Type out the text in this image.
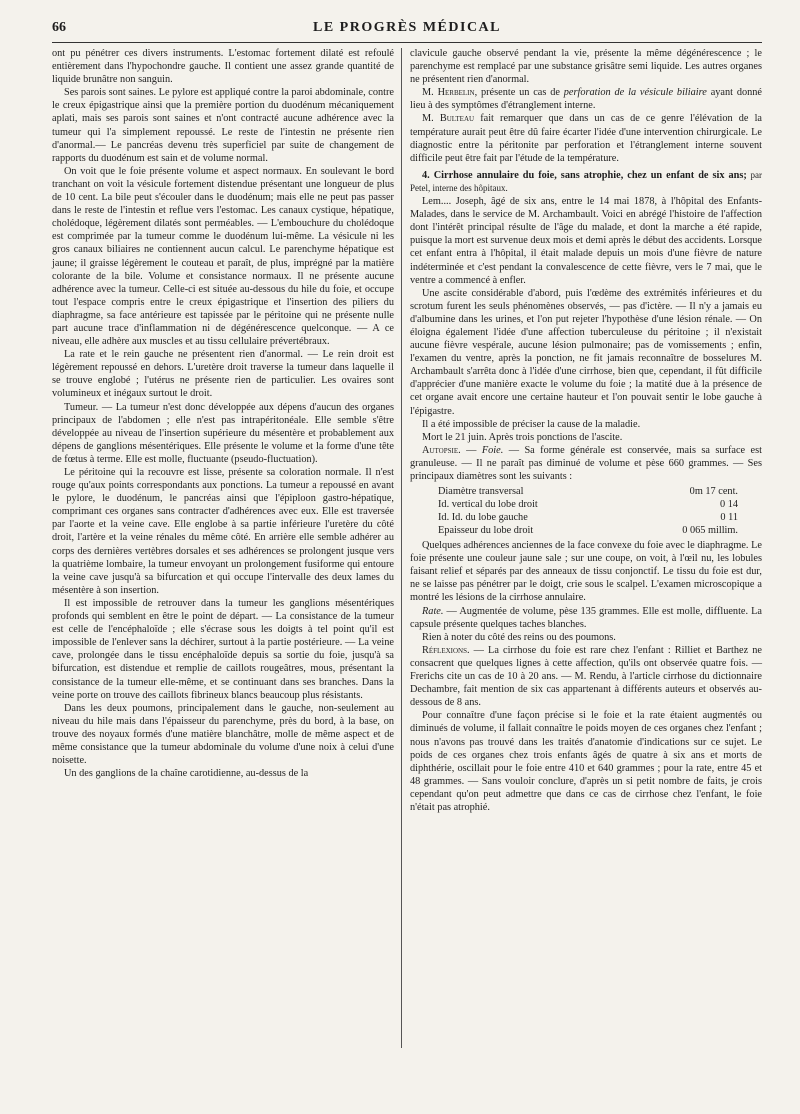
66	LE PROGRÈS MÉDICAL

ont pu pénétrer ces divers instruments. L'estomac fortement dilaté est refoulé entièrement dans l'hypochondre gauche. Il contient une assez grande quantité de liquide brunâtre non sanguin.

Ses parois sont saines. Le pylore est appliqué contre la paroi abdominale, contre le creux épigastrique ainsi que la première portion du duodénum mécaniquement aplati, mais ses parois sont saines et n'ont contracté aucune adhérence avec la tumeur qui l'a simplement repoussé. Le reste de l'intestin ne présente rien d'anormal.— Le pancréas devenu très superficiel par suite de changement de rapports du duodénum est sain et de volume normal.

On voit que le foie présente volume et aspect normaux. En soulevant le bord tranchant on voit la vésicule fortement distendue présentant une longueur de plus de 10 cent. La bile peut s'écouler dans le duodénum; mais elle ne peut pas passer dans le reste de l'intestin et reflue vers l'estomac. Les canaux cystique, hépatique, cholédoque, légèrement dilatés sont perméables. — L'embouchure du cholédoque est comprimée par la tumeur comme le duodénum lui-même. La vésicule ni les gros canaux biliaires ne contiennent aucun calcul. Le parenchyme hépatique est jaune; il graisse légèrement le couteau et paraît, de plus, imprégné par la matière colorante de la bile. Volume et consistance normaux. Il ne présente aucune adhérence avec la tumeur. Celle-ci est située au-dessous du hile du foie, et occupe tout l'espace compris entre le creux épigastrique et l'insertion des piliers du diaphragme, sa face antérieure est tapissée par le péritoine qui ne présente nulle part aucune trace d'inflammation ni de dégénérescence quelconque. — A ce niveau, elle adhère aux muscles et au tissu cellulaire prévertébraux.

La rate et le rein gauche ne présentent rien d'anormal. — Le rein droit est légèrement repoussé en dehors. L'uretère droit traverse la tumeur dans laquelle il se trouve englobé ; l'utérus ne présente rien de particulier. Les ovaires sont volumineux et inégaux surtout le droit.

Tumeur. — La tumeur n'est donc développée aux dépens d'aucun des organes principaux de l'abdomen ; elle n'est pas intrapéritonéale. Elle semble s'être développée au niveau de l'insertion supérieure du mésentère et probablement aux dépens de ganglions mésentériques. Elle présente le volume et la forme d'une tête de fœtus à terme. Elle est molle, fluctuante (pseudo-fluctuation).

Le péritoine qui la recouvre est lisse, présente sa coloration normale. Il n'est rouge qu'aux points correspondants aux ponctions. La tumeur a repoussé en avant le pylore, le duodénum, le pancréas ainsi que l'épiploon gastro-hépatique, comprimant ces organes sans contracter d'adhérences avec eux. Elle est traversée par l'aorte et la veine cave. Elle englobe à sa partie inférieure l'uretère du côté droit, l'artère et la veine rénales du même côté. En arrière elle semble adhérer au corps des dernières vertèbres dorsales et ses adhérences se prolongent jusque vers la quatrième lombaire, la tumeur envoyant un prolongement fusiforme qui entoure la veine cave jusqu'à sa bifurcation et qui occupe l'intervalle des deux lames du mésentère à son insertion.

Il est impossible de retrouver dans la tumeur les ganglions mésentériques profonds qui semblent en être le point de départ. — La consistance de la tumeur est celle de l'encéphaloïde ; elle s'écrase sous les doigts à tel point qu'il est impossible de l'enlever sans la déchirer, surtout à la partie postérieure. — La veine cave, prolongée dans le tissu encéphaloïde depuis sa sortie du foie, jusqu'à sa bifurcation, est distendue et remplie de caillots rougeâtres, mous, présentant la consistance de la tumeur elle-même, et se continuant dans ses branches. Dans la veine porte on trouve des caillots fibrineux blancs beaucoup plus résistants.

Dans les deux poumons, principalement dans le gauche, non-seulement au niveau du hile mais dans l'épaisseur du parenchyme, près du bord, à la base, on trouve des noyaux formés d'une matière blanchâtre, molle de même aspect et de même consistance que la tumeur abdominale du volume d'une noix à celui d'une noisette.

Un des ganglions de la chaîne carotidienne, au-dessus de la

clavicule gauche observé pendant la vie, présente la même dégénérescence ; le parenchyme est remplacé par une substance grisâtre semi liquide. Les autres organes ne présentent rien d'anormal.

M. Herbelin, présente un cas de perforation de la vésicule biliaire ayant donné lieu à des symptômes d'étranglement interne.

M. Bulteau fait remarquer que dans un cas de ce genre l'élévation de la température aurait peut être dû faire écarter l'idée d'une intervention chirurgicale. Le diagnostic entre la péritonite par perforation et l'étranglement interne souvent difficile peut être fait par l'étude de la température.

4. Cirrhose annulaire du foie, sans atrophie, chez un enfant de six ans; par Petel, interne des hôpitaux.

Lem.... Joseph, âgé de six ans, entre le 14 mai 1878, à l'hôpital des Enfants-Malades, dans le service de M. Archambault. Voici en abrégé l'histoire de l'affection dont l'intérêt principal résulte de l'âge du malade, et dont la marche a été rapide, puisque la mort est survenue deux mois et demi après le début des accidents. Lorsque cet enfant entra à l'hôpital, il était malade depuis un mois d'une fièvre de nature indéterminée et c'est pendant la convalescence de cette fièvre, vers le 7 mai, que le ventre a commencé à enfler.

Une ascite considérable d'abord, puis l'œdème des extrémités inférieures et du scrotum furent les seuls phénomènes observés, — pas d'ictère. — Il n'y a jamais eu d'albumine dans les urines, et l'on put rejeter l'hypothèse d'une lésion rénale. — On éloigna également l'idée d'une affection tuberculeuse du péritoine ; il n'existait aucune fièvre vespérale, aucune lésion pulmonaire; pas de vomissements ; enfin, l'examen du ventre, après la ponction, ne fit jamais reconnaître de bosselures M. Archambault s'arrêta donc à l'idée d'une cirrhose, bien que, cependant, il fût difficile d'apprécier d'une manière exacte le volume du foie ; la matité due à la présence de cet organe avait encore une certaine hauteur et l'on pouvait sentir le lobe gauche à l'épigastre.

Il a été impossible de préciser la cause de la maladie.

Mort le 21 juin. Après trois ponctions de l'ascite.

Autopsie. — Foie. — Sa forme générale est conservée, mais sa surface est granuleuse. — Il ne paraît pas diminué de volume et pèse 660 grammes. — Ses principaux diamètres sont les suivants :

Diamètre transversal	0m 17 cent.
Id. vertical du lobe droit	0 14
Id. Id. du lobe gauche	0 11
Epaisseur du lobe droit	0 065 millim.

Quelques adhérences anciennes de la face convexe du foie avec le diaphragme. Le foie présente une couleur jaune sale ; sur une coupe, on voit, à l'œil nu, les lobules faisant relief et séparés par des anneaux de tissu conjonctif. Le tissu du foie est dur, ne se laisse pas pénétrer par le doigt, crie sous le scalpel. L'examen microscopique a montré les lésions de la cirrhose annulaire.

Rate. — Augmentée de volume, pèse 135 grammes. Elle est molle, diffluente. La capsule présente quelques taches blanches.

Rien à noter du côté des reins ou des poumons.

Réflexions. — La cirrhose du foie est rare chez l'enfant : Rilliet et Barthez ne consacrent que quelques lignes à cette affection, qu'ils ont observée quatre fois. — Frerichs cite un cas de 10 à 20 ans. — M. Rendu, à l'article cirrhose du dictionnaire Dechambre, fait mention de six cas appartenant à différents auteurs et observés au-dessous de 8 ans.

Pour connaître d'une façon précise si le foie et la rate étaient augmentés ou diminués de volume, il fallait connaître le poids moyen de ces organes chez l'enfant ; nous n'avons pas trouvé dans les traités d'anatomie d'indications sur ce sujet. Le poids de ces organes chez trois enfants âgés de quatre à six ans et morts de diphthérie, oscillait pour le foie entre 410 et 640 grammes ; pour la rate, entre 45 et 48 grammes. — Sans vouloir conclure, d'après un si petit nombre de faits, je crois cependant qu'on peut admettre que dans ce cas de cirrhose chez l'enfant, le foie n'était pas atrophié.
